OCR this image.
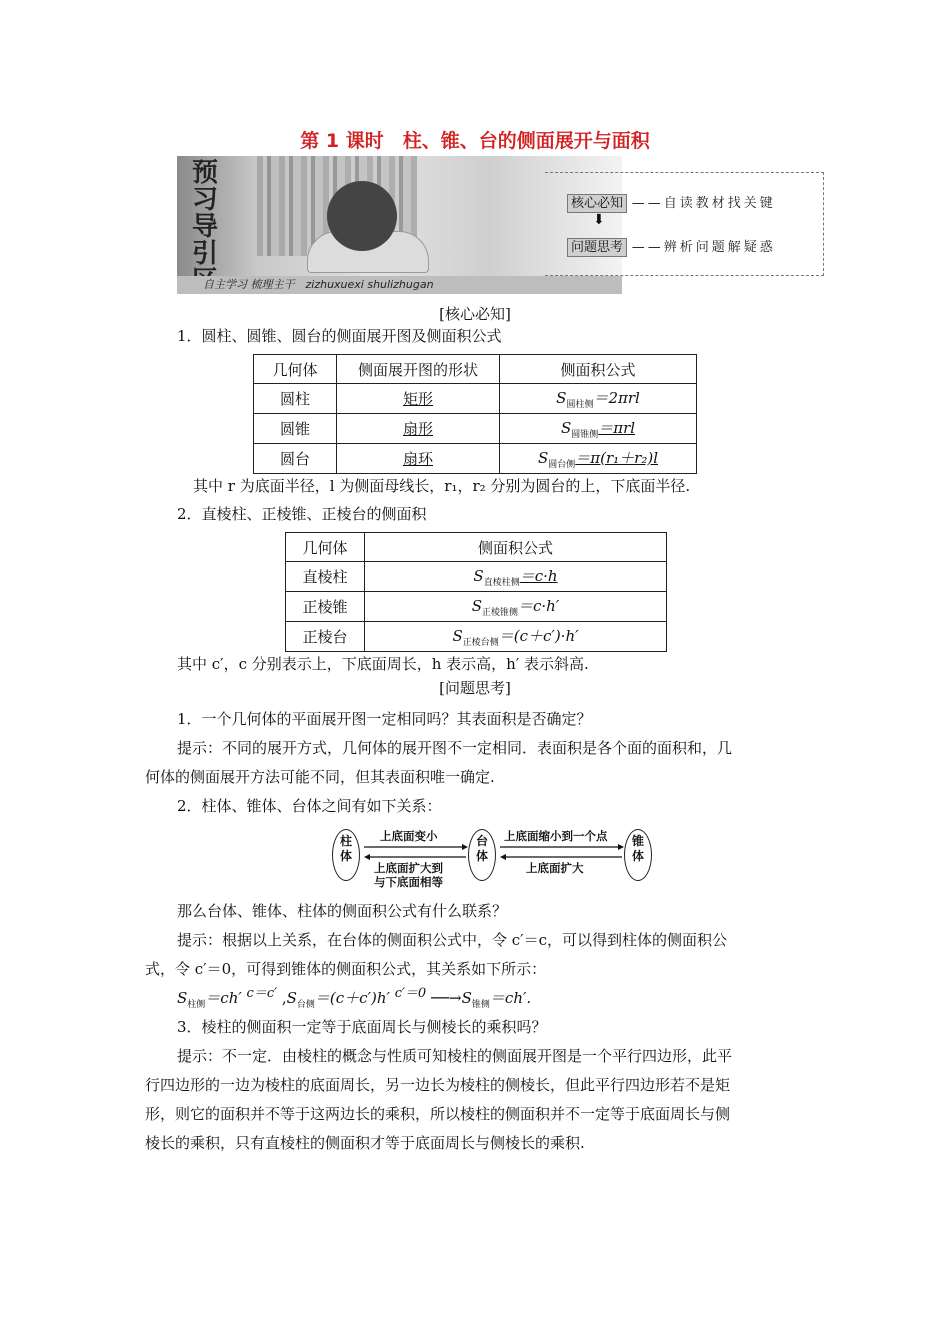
第 1 课时　柱、锥、台的侧面展开与面积
预习导引
自主学习 梳理主干　zizhuxuexi shulizhugan
核心必知 ——自读教材找关键
⬇
问题思考 ——辨析问题解疑惑
[核心必知]
1．圆柱、圆锥、圆台的侧面展开图及侧面积公式
几何体	侧面展开图的形状	侧面积公式
圆柱	矩形	$S_{圆柱侧}=2\pi rl$
圆锥	扇形	$S_{圆锥侧}=\pi rl$
圆台	扇环	$S_{圆台侧}=\pi(r_1+r_2)l$
其中 r 为底面半径，l 为侧面母线长，r₁，r₂ 分别为圆台的上，下底面半径.
2．直棱柱、正棱锥、正棱台的侧面积
几何体	侧面积公式
直棱柱	$S_{直棱柱侧}=c\cdot h$
正棱锥	$S_{正棱锥侧}=c\cdot h'$
正棱台	$S_{正棱台侧}=(c+c')\cdot h'$
其中 c′，c 分别表示上，下底面周长，h 表示高，h′ 表示斜高.
[问题思考]
1．一个几何体的平面展开图一定相同吗？其表面积是否确定？
提示：不同的展开方式，几何体的展开图不一定相同．表面积是各个面的面积和，几
何体的侧面展开方法可能不同，但其表面积唯一确定.
2．柱体、锥体、台体之间有如下关系：
柱体
台体
锥体
上底面变小
上底面扩大到
与下底面相等
上底面缩小到一个点
上底面扩大
那么台体、锥体、柱体的侧面积公式有什么联系？
提示：根据以上关系，在台体的侧面积公式中，令 c′＝c，可以得到柱体的侧面积公
式，令 c′＝0，可得到锥体的侧面积公式，其关系如下所示：
$S_{柱侧}=ch'$ c＝c′ $,S_{台侧}=(c+c')h'$ c′＝0 $──\to S_{锥侧}=ch'$.
3．棱柱的侧面积一定等于底面周长与侧棱长的乘积吗？
提示：不一定．由棱柱的概念与性质可知棱柱的侧面展开图是一个平行四边形，此平
行四边形的一边为棱柱的底面周长，另一边长为棱柱的侧棱长，但此平行四边形若不是矩
形，则它的面积并不等于这两边长的乘积，所以棱柱的侧面积并不一定等于底面周长与侧
棱长的乘积，只有直棱柱的侧面积才等于底面周长与侧棱长的乘积.
